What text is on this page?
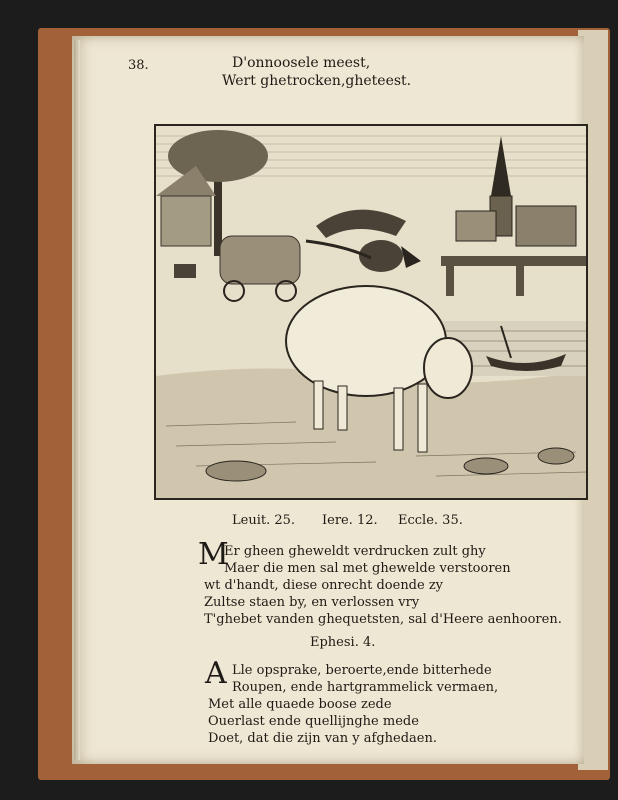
38.	D'onnoosele meest,
Wert ghetrocken,gheteest.
Leuit. 25. Iere. 12. Eccle. 35.
M
Er gheen gheweldt verdrucken zult ghy
Maer die men sal met ghewelde verstooren
wt d'handt, diese onrecht doende zy
Zultse staen by, en verlossen vry
T'ghebet vanden ghequetsten, sal d'Heere aenhooren.
Ephesi. 4.
A Lle opsprake, beroerte,ende bitterhede
Roupen, ende hartgrammelick vermaen,
Met alle quaede boose zede
Ouerlast ende quellijnghe mede
Doet, dat die zijn van y afghedaen.
